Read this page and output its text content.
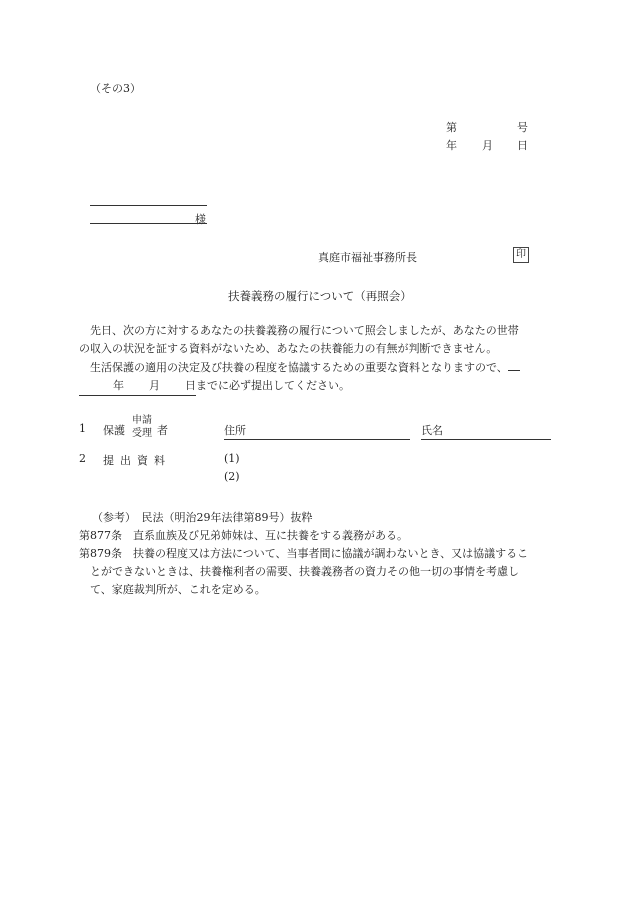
（その3）
第	号
年 月 日
様
真庭市福祉事務所長	印
扶養義務の履行について（再照会）
先日、次の方に対するあなたの扶養義務の履行について照会しましたが、あなたの世帯
の収入の状況を証する資料がないため、あなたの扶養能力の有無が判断できません。
生活保護の適用の決定及び扶養の程度を協議するための重要な資料となりますので、
年 月 日までに必ず提出してください。
1 保護
申請
受理 者	住所	氏名
2 提出資料	(1)
(2)
（参考）　民法（明治29年法律第89号）抜粋
第877条 直系血族及び兄弟姉妹は、互に扶養をする義務がある。
第879条 扶養の程度又は方法について、当事者間に協議が調わないとき、又は協議するこ
とができないときは、扶養権利者の需要、扶養義務者の資力その他一切の事情を考慮し
て、家庭裁判所が、これを定める。
